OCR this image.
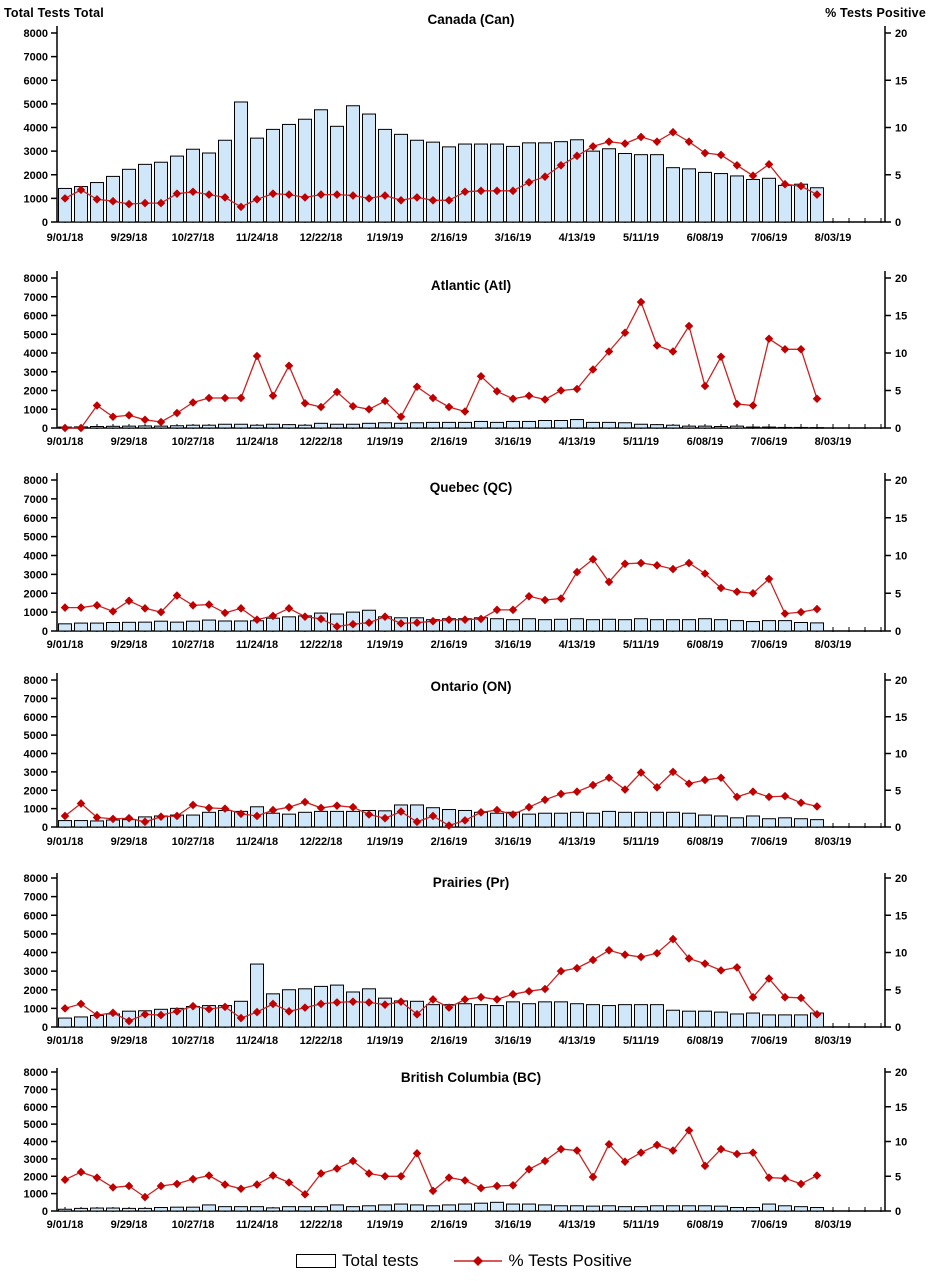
Total Tests Total	% Tests Positive
0
1000
2000
3000
4000
5000
6000
7000
8000
0
5
10
15
20
9/01/18 9/29/18 10/27/18 11/24/18 12/22/18 1/19/19 2/16/19 3/16/19 4/13/19	5/11/19	6/08/19 7/06/19 8/03/19
Canada (Can)
0
1000
2000
3000
4000
5000
6000
7000
8000
0
5
10
15
20
9/01/18 9/29/18 10/27/18 11/24/18 12/22/18 1/19/19 2/16/19 3/16/19 4/13/19	5/11/19	6/08/19 7/06/19 8/03/19
Atlantic (Atl)
0
1000
2000
3000
4000
5000
6000
7000
8000
0
5
10
15
20
9/01/18 9/29/18 10/27/18 11/24/18 12/22/18 1/19/19 2/16/19 3/16/19 4/13/19	5/11/19	6/08/19 7/06/19 8/03/19
Quebec (QC)
0
1000
2000
3000
4000
5000
6000
7000
8000
0
5
10
15
20
9/01/18 9/29/18 10/27/18 11/24/18 12/22/18 1/19/19 2/16/19 3/16/19 4/13/19	5/11/19	6/08/19 7/06/19 8/03/19
Ontario (ON)
0
1000
2000
3000
4000
5000
6000
7000
8000
0
5
10
15
20
9/01/18 9/29/18 10/27/18 11/24/18 12/22/18 1/19/19 2/16/19 3/16/19 4/13/19	5/11/19	6/08/19 7/06/19 8/03/19
Prairies (Pr)
0
1000
2000
3000
4000
5000
6000
7000
8000
0
5
10
15
20
9/01/18 9/29/18 10/27/18 11/24/18 12/22/18 1/19/19 2/16/19 3/16/19 4/13/19	5/11/19	6/08/19 7/06/19 8/03/19
British Columbia (BC)
Total tests	% Tests Positive
